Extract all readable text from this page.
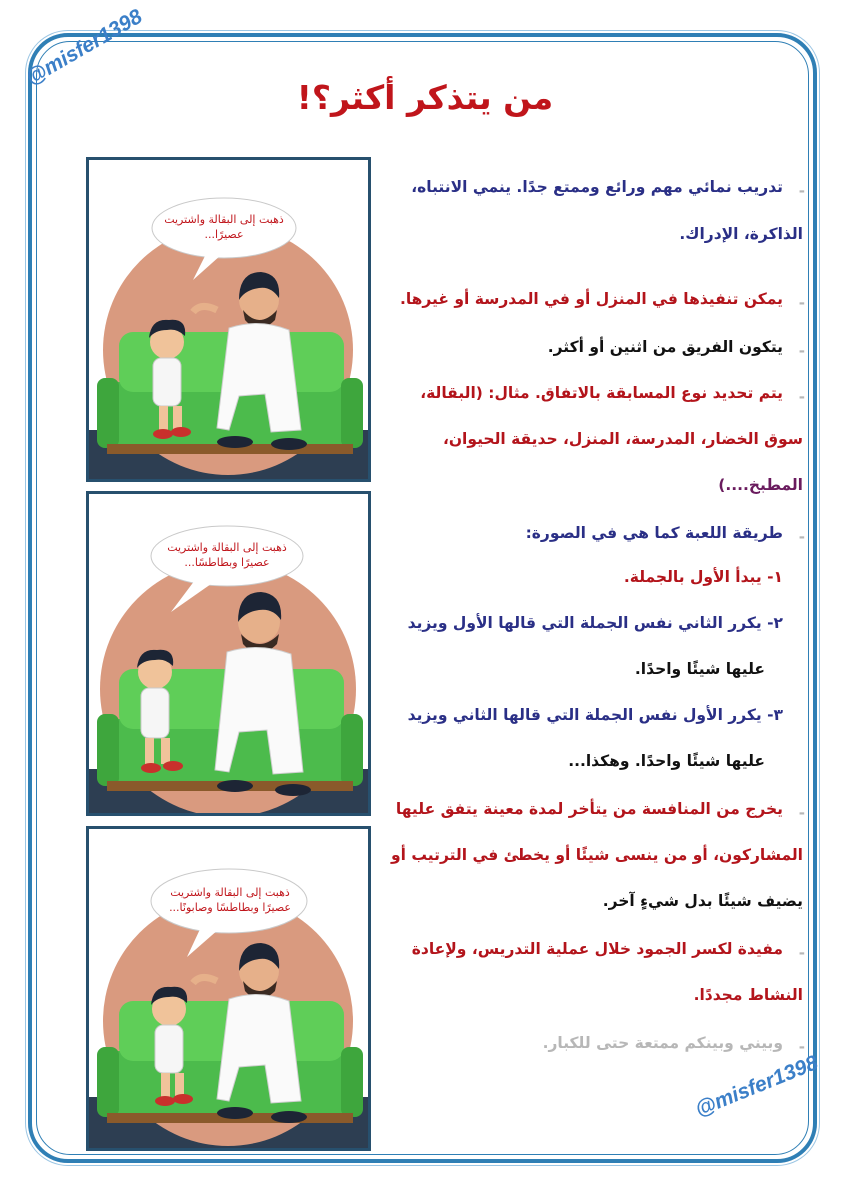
@misfer1398
@misfer1398
من يتذكر أكثر؟!
ذهبت إلى البقالة واشتريت
عصيرًا...
ذهبت إلى البقالة واشتريت
عصيرًا وبطاطسًا...
ذهبت إلى البقالة واشتريت
عصيرًا وبطاطسًا وصابونًا...
-
تدريب نمائي مهم ورائع وممتع جدًا. ينمي الانتباه،
الذاكرة، الإدراك.
-
يمكن تنفيذها في المنزل أو في المدرسة أو غيرها.
-
يتكون الفريق من اثنين أو أكثر.
-
يتم تحديد نوع المسابقة بالاتفاق. مثال: (البقالة،
سوق الخضار، المدرسة، المنزل، حديقة الحيوان،
المطبخ....)
-
طريقة اللعبة كما هي في الصورة:
١- يبدأ الأول بالجملة.
٢- يكرر الثاني نفس الجملة التي قالها الأول ويزيد
عليها شيئًا واحدًا.
٣- يكرر الأول نفس الجملة التي قالها الثاني ويزيد
عليها شيئًا واحدًا. وهكذا...
-
يخرج من المنافسة من يتأخر لمدة معينة يتفق عليها
المشاركون، أو من ينسى شيئًا أو يخطئ في الترتيب أو
يضيف شيئًا بدل شيءٍ آخر.
-
مفيدة لكسر الجمود خلال عملية التدريس، ولإعادة
النشاط مجددًا.
-
وبيني وبينكم ممتعة حتى للكبار.
